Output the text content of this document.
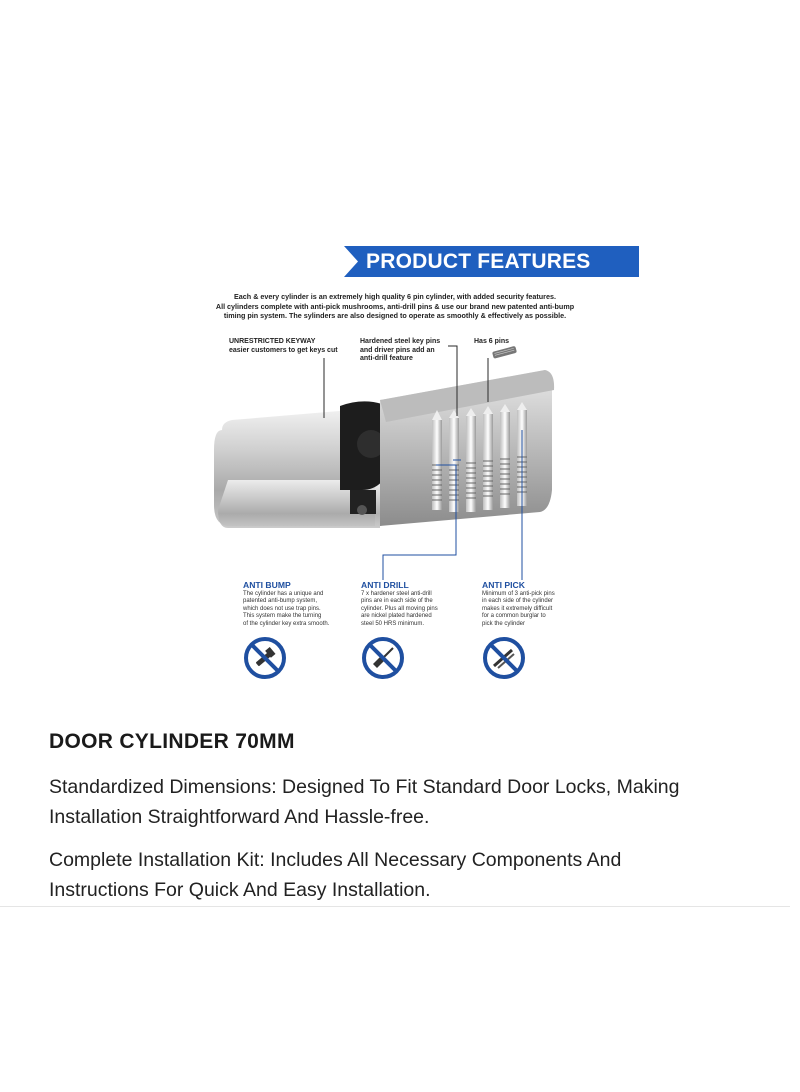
PRODUCT FEATURES
Each & every cylinder is an extremely high quality 6 pin cylinder, with added security features.
All cylinders complete with anti-pick mushrooms, anti-drill pins & use our brand new patented anti-bump
timing pin system. The sylinders are also designed to operate as smoothly & effectively as possible.
UNRESTRICTED KEYWAY
easier customers to get keys cut
Hardened steel key pins
and driver pins add an
anti-drill feature
Has 6 pins
ANTI BUMP
The cylinder has a unique and
patented anti-bump system,
which does not use trap pins.
This system make the turning
of the cylinder key extra smooth.
ANTI DRILL
7 x hardener steel anti-drill
pins are in each side of the
cylinder. Plus all moving pins
are nickel plated hardened
steel 50 HRS minimum.
ANTI PICK
Minimum of 3 anti-pick pins
in each side of the cylinder
makes it extremely difficult
for a common burglar to
pick the cylinder
DOOR CYLINDER 70MM
Standardized Dimensions: Designed To Fit Standard Door Locks, Making
Installation Straightforward And Hassle-free.
Complete Installation Kit: Includes All Necessary Components And
Instructions For Quick And Easy Installation.
